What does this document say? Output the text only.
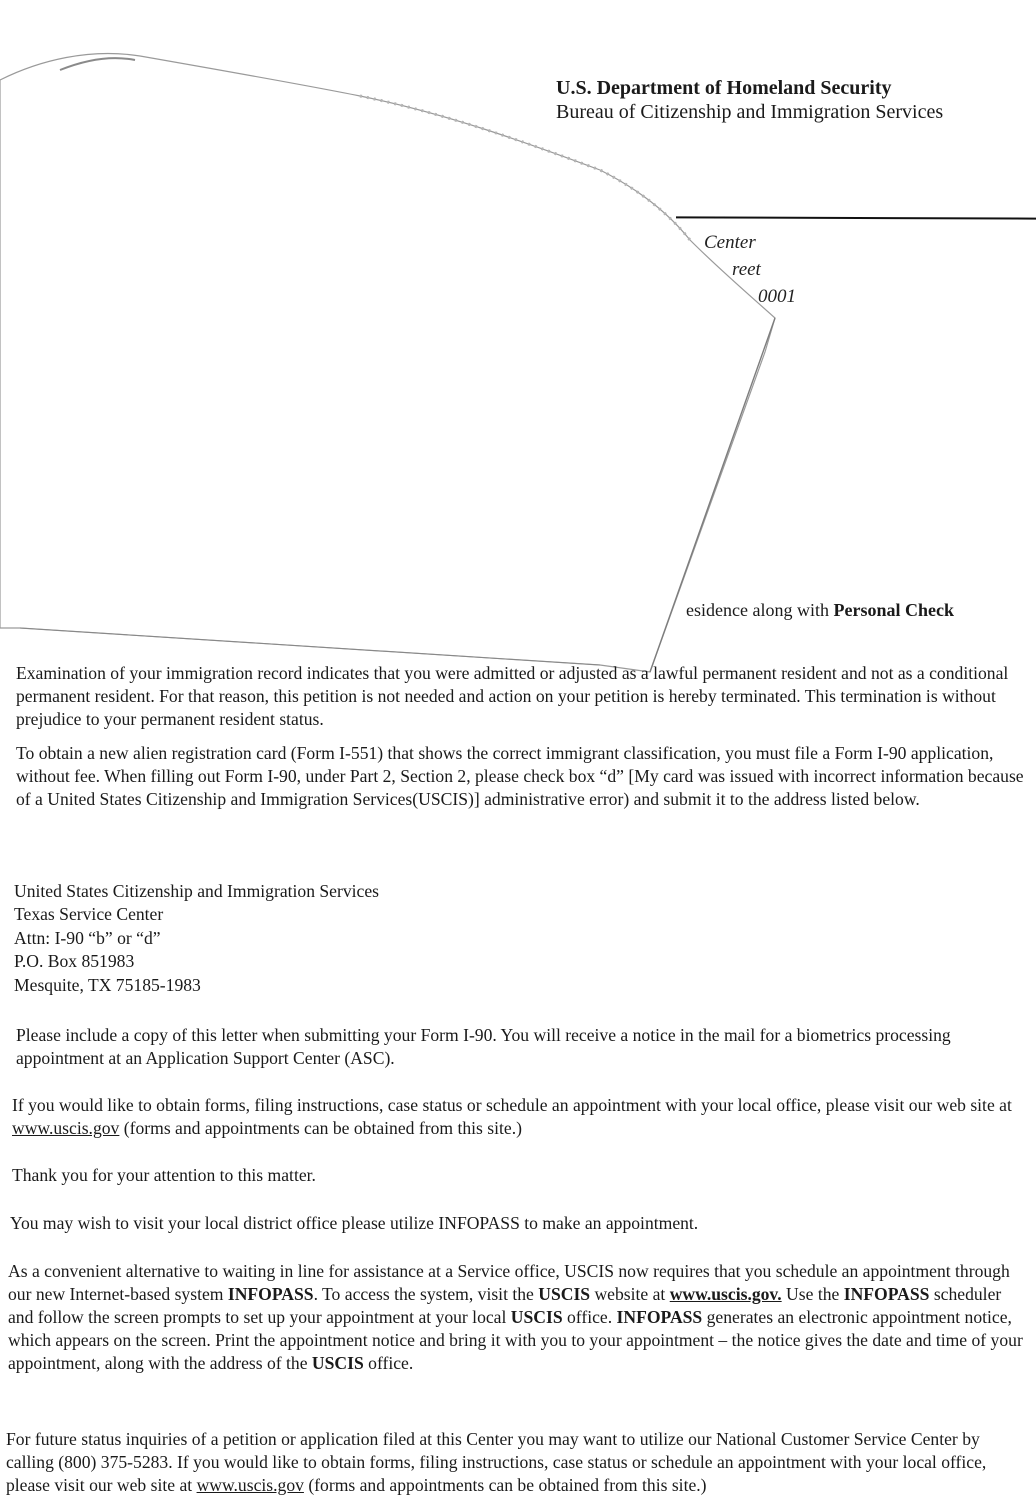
U.S. Department of Homeland Security
Bureau of Citizenship and Immigration Services
Center
reet
0001
esidence along with Personal Check

Examination of your immigration record indicates that you were admitted or adjusted as a lawful permanent resident and not as a conditional permanent resident. For that reason, this petition is not needed and action on your petition is hereby terminated. This termination is without prejudice to your permanent resident status.

To obtain a new alien registration card (Form I-551) that shows the correct immigrant classification, you must file a Form I-90 application, without fee. When filling out Form I-90, under Part 2, Section 2, please check box “d” [My card was issued with incorrect information because of a United States Citizenship and Immigration Services(USCIS)] administrative error) and submit it to the address listed below.

United States Citizenship and Immigration Services
Texas Service Center
Attn: I-90 “b” or “d”
P.O. Box 851983
Mesquite, TX 75185-1983

Please include a copy of this letter when submitting your Form I-90. You will receive a notice in the mail for a biometrics processing appointment at an Application Support Center (ASC).

If you would like to obtain forms, filing instructions, case status or schedule an appointment with your local office, please visit our web site at www.uscis.gov (forms and appointments can be obtained from this site.)

Thank you for your attention to this matter.

You may wish to visit your local district office please utilize INFOPASS to make an appointment.

As a convenient alternative to waiting in line for assistance at a Service office, USCIS now requires that you schedule an appointment through our new Internet-based system INFOPASS. To access the system, visit the USCIS website at www.uscis.gov. Use the INFOPASS scheduler and follow the screen prompts to set up your appointment at your local USCIS office. INFOPASS generates an electronic appointment notice, which appears on the screen. Print the appointment notice and bring it with you to your appointment – the notice gives the date and time of your appointment, along with the address of the USCIS office.

For future status inquiries of a petition or application filed at this Center you may want to utilize our National Customer Service Center by calling (800) 375-5283. If you would like to obtain forms, filing instructions, case status or schedule an appointment with your local office, please visit our web site at www.uscis.gov (forms and appointments can be obtained from this site.)
